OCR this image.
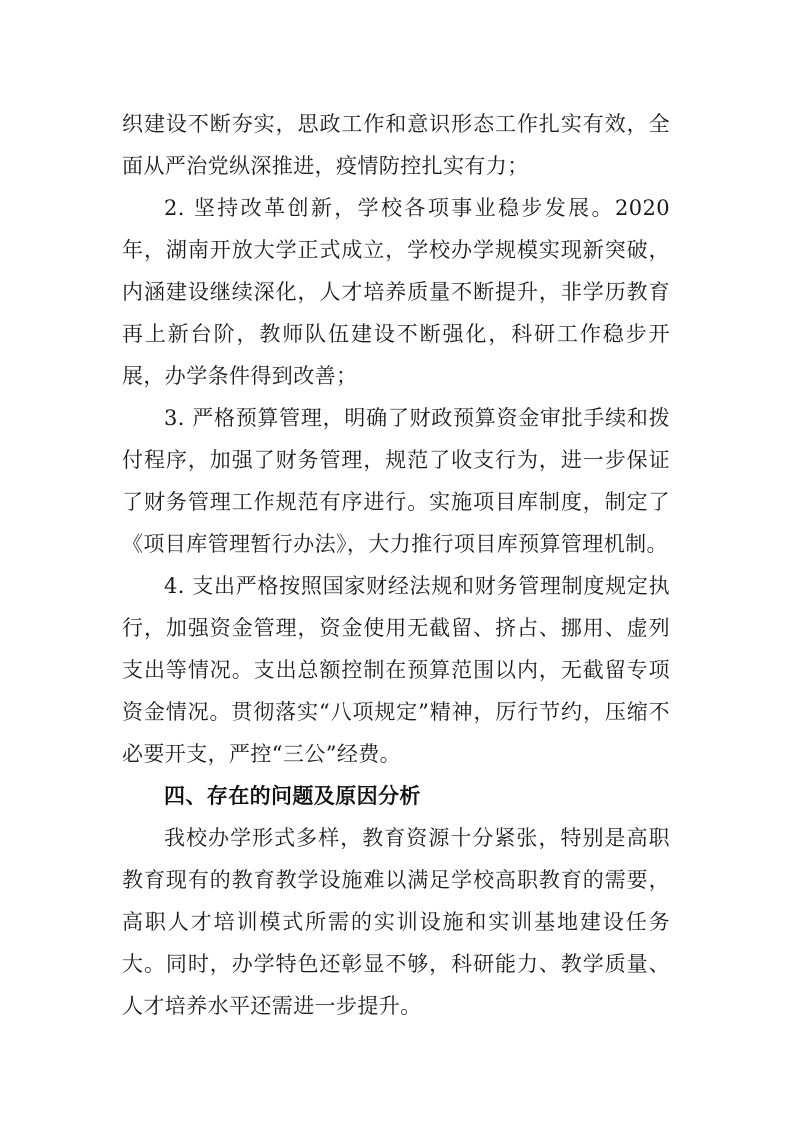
织建设不断夯实，思政工作和意识形态工作扎实有效，全面从严治党纵深推进，疫情防控扎实有力；

2. 坚持改革创新，学校各项事业稳步发展。2020 年，湖南开放大学正式成立，学校办学规模实现新突破，内涵建设继续深化，人才培养质量不断提升，非学历教育再上新台阶，教师队伍建设不断强化，科研工作稳步开展，办学条件得到改善；

3. 严格预算管理，明确了财政预算资金审批手续和拨付程序，加强了财务管理，规范了收支行为，进一步保证了财务管理工作规范有序进行。实施项目库制度，制定了《项目库管理暂行办法》，大力推行项目库预算管理机制。

4. 支出严格按照国家财经法规和财务管理制度规定执行，加强资金管理，资金使用无截留、挤占、挪用、虚列支出等情况。支出总额控制在预算范围以内，无截留专项资金情况。贯彻落实“八项规定”精神，厉行节约，压缩不必要开支，严控“三公”经费。

四、存在的问题及原因分析

我校办学形式多样，教育资源十分紧张，特别是高职教育现有的教育教学设施难以满足学校高职教育的需要，高职人才培训模式所需的实训设施和实训基地建设任务大。同时，办学特色还彰显不够，科研能力、教学质量、人才培养水平还需进一步提升。
